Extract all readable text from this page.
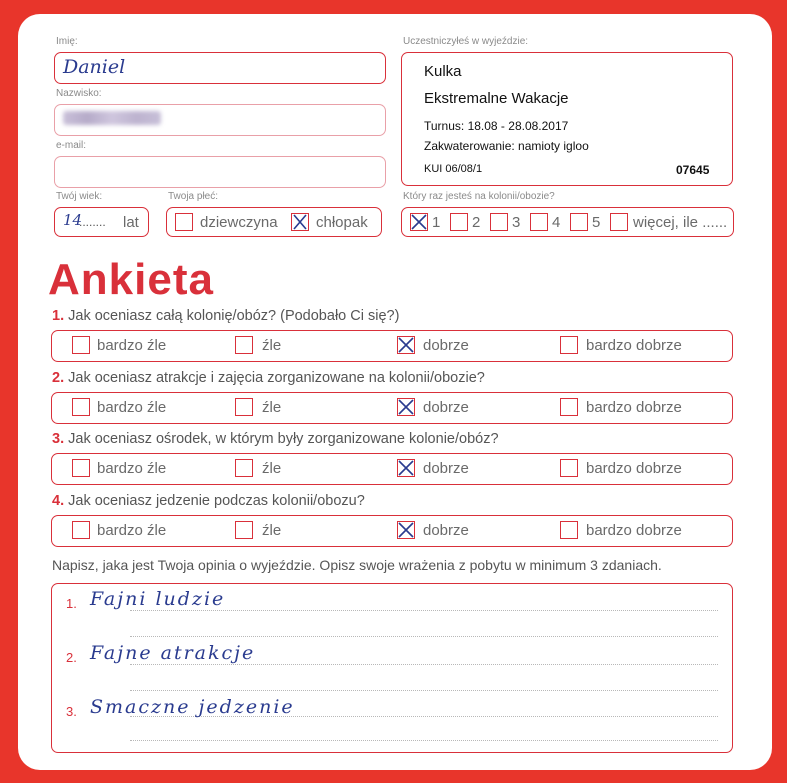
Imię:
Daniel
Nazwisko:
e-mail:
Twój wiek:
14
........ lat
Twoja płeć:
dziewczyna	chłopak
Uczestniczyłeś w wyjeździe:
Kulka
Ekstremalne Wakacje
Turnus: 18.08 - 28.08.2017
Zakwaterowanie: namioty igloo
KUI 06/08/1	07645
Który raz jesteś na kolonii/obozie?
1 2 3 4 5 więcej, ile ......
Ankieta
1. Jak oceniasz całą kolonię/obóz? (Podobało Ci się?)
bardzo źle	źle	dobrze	bardzo dobrze
2. Jak oceniasz atrakcje i zajęcia zorganizowane na kolonii/obozie?
bardzo źle	źle	dobrze	bardzo dobrze
3. Jak oceniasz ośrodek, w którym były zorganizowane kolonie/obóz?
bardzo źle	źle	dobrze	bardzo dobrze
4. Jak oceniasz jedzenie podczas kolonii/obozu?
bardzo źle	źle	dobrze	bardzo dobrze
Napisz, jaka jest Twoja opinia o wyjeździe. Opisz swoje wrażenia z pobytu w minimum 3 zdaniach.
1. Fajni ludzie
2. Fajne atrakcje
3. Smaczne jedzenie
